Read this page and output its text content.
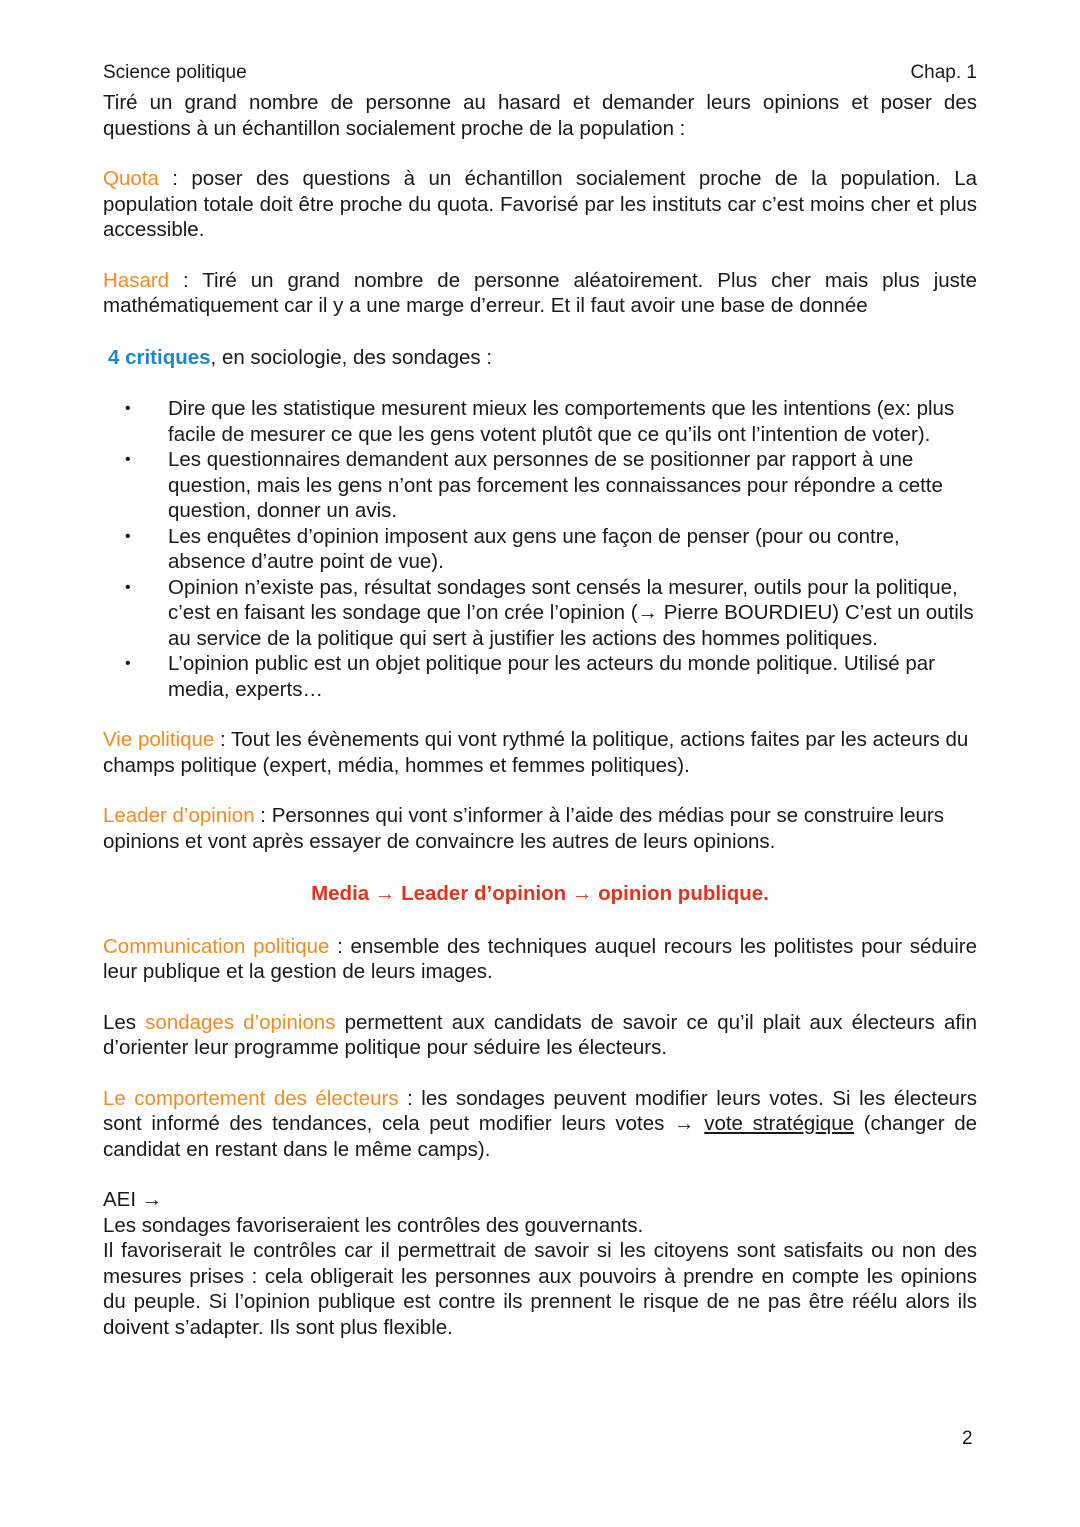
Science politique	Chap. 1

Tiré un grand nombre de personne au hasard et demander leurs opinions et poser des questions à un échantillon socialement proche de la population :

Quota : poser des questions à un échantillon socialement proche de la population. La population totale doit être proche du quota. Favorisé par les instituts car c’est moins cher et plus accessible.

Hasard : Tiré un grand nombre de personne aléatoirement. Plus cher mais plus juste mathématiquement car il y a une marge d’erreur. Et il faut avoir une base de donnée

4 critiques, en sociologie, des sondages :

• Dire que les statistique mesurent mieux les comportements que les intentions (ex: plus facile de mesurer ce que les gens votent plutôt que ce qu’ils ont l’intention de voter).
• Les questionnaires demandent aux personnes de se positionner par rapport à une question, mais les gens n’ont pas forcement les connaissances pour répondre a cette question, donner un avis.
• Les enquêtes d’opinion imposent aux gens une façon de penser (pour ou contre, absence d’autre point de vue).
• Opinion n’existe pas, résultat sondages sont censés la mesurer, outils pour la politique, c’est en faisant les sondage que l’on crée l’opinion (→ Pierre BOURDIEU) C’est un outils au service de la politique qui sert à justifier les actions des hommes politiques.
• L’opinion public est un objet politique pour les acteurs du monde politique. Utilisé par media, experts…

Vie politique : Tout les évènements qui vont rythmé la politique, actions faites par les acteurs du champs politique (expert, média, hommes et femmes politiques).

Leader d’opinion : Personnes qui vont s’informer à l’aide des médias pour se construire leurs opinions et vont après essayer de convaincre les autres de leurs opinions.

Media → Leader d’opinion → opinion publique.

Communication politique : ensemble des techniques auquel recours les politistes pour séduire leur publique et la gestion de leurs images.

Les sondages d’opinions permettent aux candidats de savoir ce qu’il plait aux électeurs afin d’orienter leur programme politique pour séduire les électeurs.

Le comportement des électeurs : les sondages peuvent modifier leurs votes. Si les électeurs sont informé des tendances, cela peut modifier leurs votes → vote stratégique (changer de candidat en restant dans le même camps).

AEI →

Les sondages favoriseraient les contrôles des gouvernants.

Il favoriserait le contrôles car il permettrait de savoir si les citoyens sont satisfaits ou non des mesures prises : cela obligerait les personnes aux pouvoirs à prendre en compte les opinions du peuple. Si l’opinion publique est contre ils prennent le risque de ne pas être réélu alors ils doivent s’adapter. Ils sont plus flexible.

2
